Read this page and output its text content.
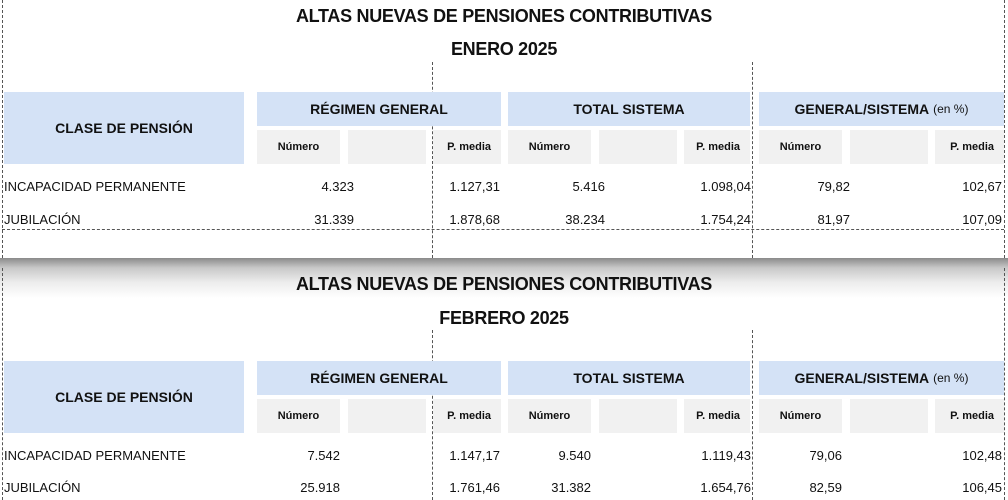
ALTAS NUEVAS DE PENSIONES CONTRIBUTIVAS
ENERO 2025
CLASE DE PENSIÓN
RÉGIMEN GENERAL	TOTAL SISTEMA	GENERAL/SISTEMA (en %)
Número	P. media	Número	P. media	Número	P. media
INCAPACIDAD PERMANENTE	4.323	1.127,31	5.416	1.098,04	79,82	102,67
JUBILACIÓN	31.339	1.878,68	38.234	1.754,24	81,97	107,09
ALTAS NUEVAS DE PENSIONES CONTRIBUTIVAS
FEBRERO 2025
CLASE DE PENSIÓN
RÉGIMEN GENERAL	TOTAL SISTEMA	GENERAL/SISTEMA (en %)
Número	P. media	Número	P. media	Número	P. media
INCAPACIDAD PERMANENTE	7.542	1.147,17	9.540	1.119,43	79,06	102,48
JUBILACIÓN	25.918	1.761,46	31.382	1.654,76	82,59	106,45
